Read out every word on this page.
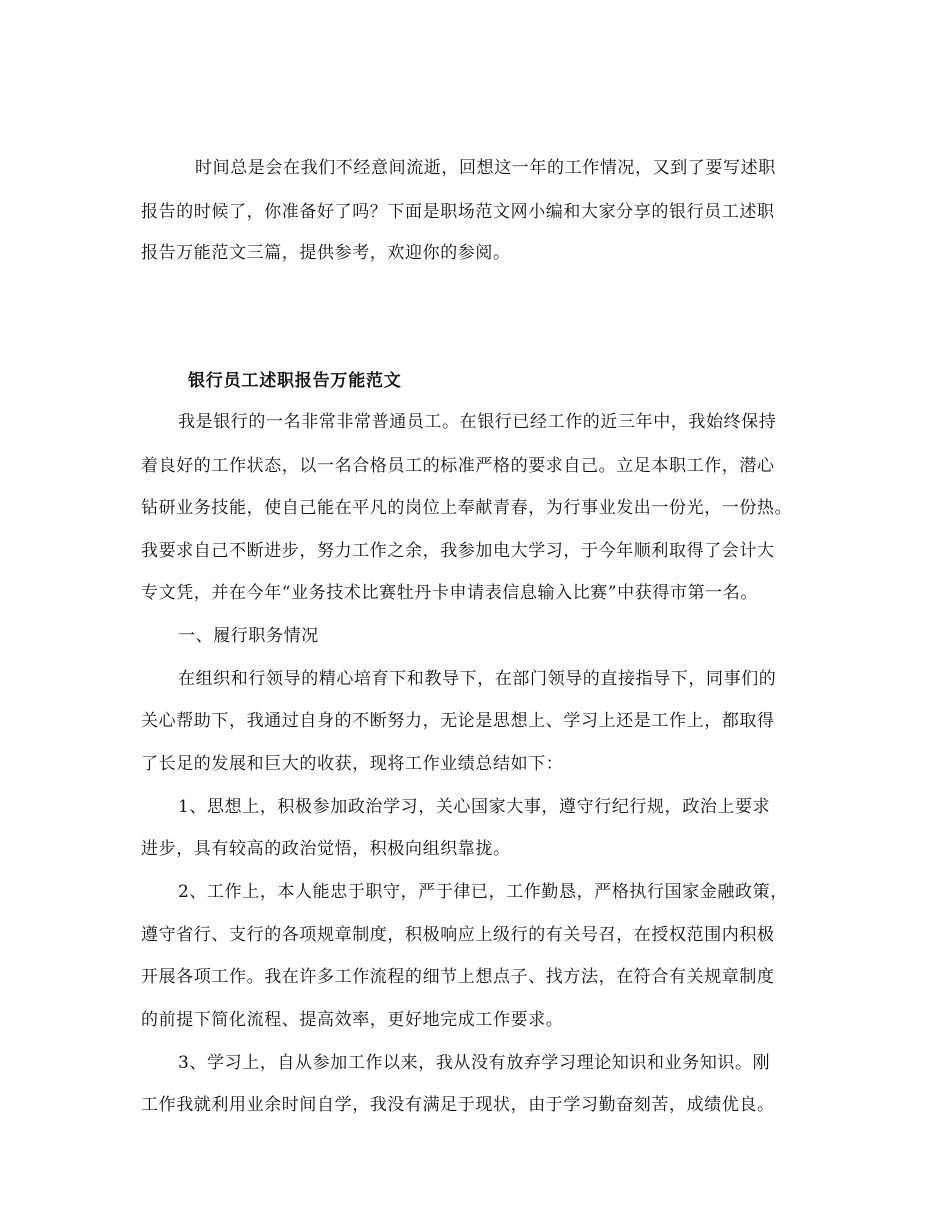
时间总是会在我们不经意间流逝，回想这一年的工作情况，又到了要写述职
报告的时候了，你准备好了吗？下面是职场范文网小编和大家分享的银行员工述职
报告万能范文三篇，提供参考，欢迎你的参阅。
银行员工述职报告万能范文
我是银行的一名非常非常普通员工。在银行已经工作的近三年中，我始终保持
着良好的工作状态，以一名合格员工的标准严格的要求自己。立足本职工作，潜心
钻研业务技能，使自己能在平凡的岗位上奉献青春，为行事业发出一份光，一份热。
我要求自己不断进步，努力工作之余，我参加电大学习，于今年顺利取得了会计大
专文凭，并在今年“业务技术比赛牡丹卡申请表信息输入比赛”中获得市第一名。
一、履行职务情况
在组织和行领导的精心培育下和教导下，在部门领导的直接指导下，同事们的
关心帮助下，我通过自身的不断努力，无论是思想上、学习上还是工作上，都取得
了长足的发展和巨大的收获，现将工作业绩总结如下：
1、思想上，积极参加政治学习，关心国家大事，遵守行纪行规，政治上要求
进步，具有较高的政治觉悟，积极向组织靠拢。
2、工作上，本人能忠于职守，严于律已，工作勤恳，严格执行国家金融政策，
遵守省行、支行的各项规章制度，积极响应上级行的有关号召，在授权范围内积极
开展各项工作。我在许多工作流程的细节上想点子、找方法，在符合有关规章制度
的前提下简化流程、提高效率，更好地完成工作要求。
3、学习上，自从参加工作以来，我从没有放弃学习理论知识和业务知识。刚
工作我就利用业余时间自学，我没有满足于现状，由于学习勤奋刻苦，成绩优良。
